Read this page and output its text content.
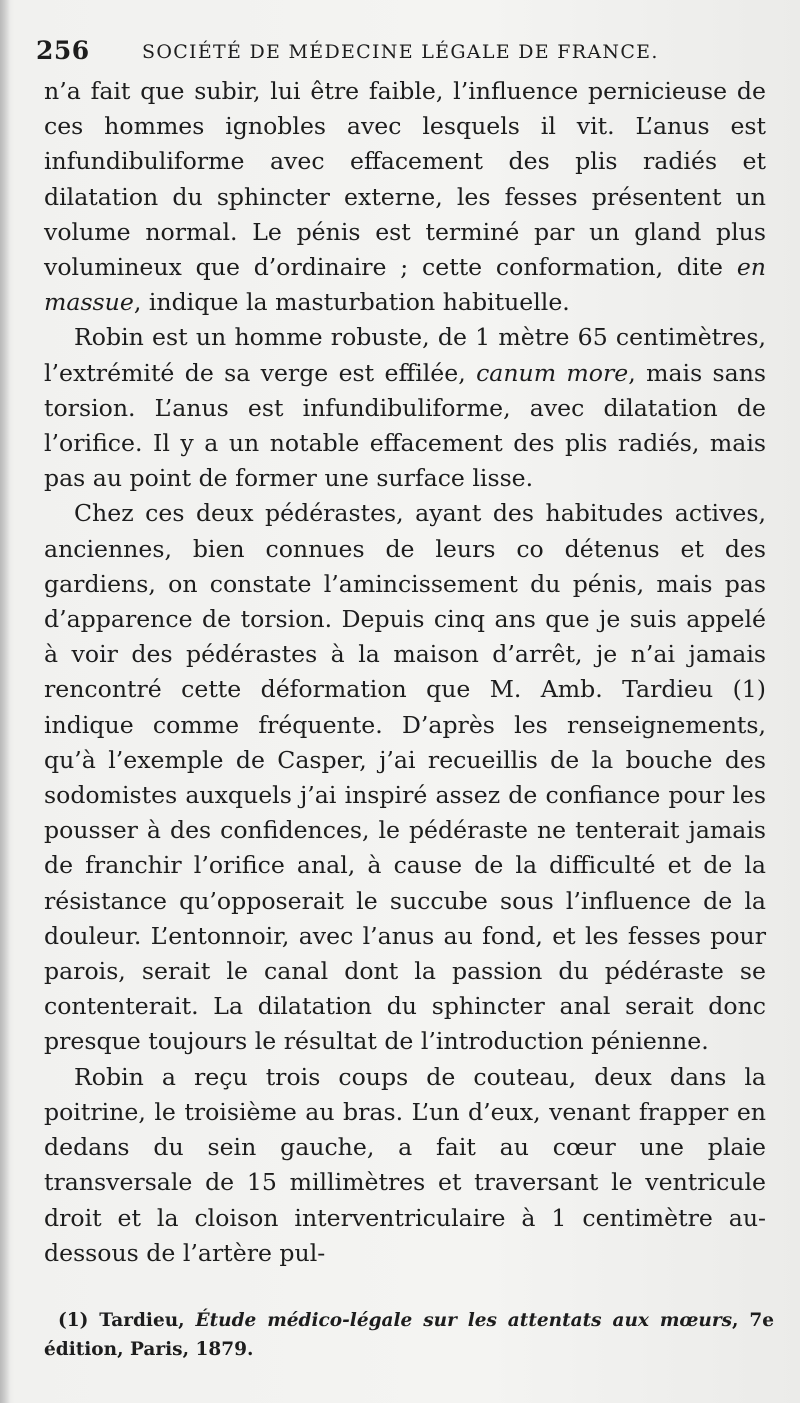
256	SOCIÉTÉ DE MÉDECINE LÉGALE DE FRANCE.

n’a fait que subir, lui être faible, l’influence pernicieuse de ces hommes ignobles avec lesquels il vit. L’anus est infundibuliforme avec effacement des plis radiés et dilatation du sphincter externe, les fesses présentent un volume normal. Le pénis est terminé par un gland plus volumineux que d’ordinaire ; cette conformation, dite en massue, indique la masturbation habituelle.

Robin est un homme robuste, de 1 mètre 65 centimètres, l’extrémité de sa verge est effilée, canum more, mais sans torsion. L’anus est infundibuliforme, avec dilatation de l’orifice. Il y a un notable effacement des plis radiés, mais pas au point de former une surface lisse.

Chez ces deux pédérastes, ayant des habitudes actives, anciennes, bien connues de leurs co détenus et des gardiens, on constate l’amincissement du pénis, mais pas d’apparence de torsion. Depuis cinq ans que je suis appelé à voir des pédérastes à la maison d’arrêt, je n’ai jamais rencontré cette déformation que M. Amb. Tardieu (1) indique comme fréquente. D’après les renseignements, qu’à l’exemple de Casper, j’ai recueillis de la bouche des sodomistes auxquels j’ai inspiré assez de confiance pour les pousser à des confidences, le pédéraste ne tenterait jamais de franchir l’orifice anal, à cause de la difficulté et de la résistance qu’opposerait le succube sous l’influence de la douleur. L’entonnoir, avec l’anus au fond, et les fesses pour parois, serait le canal dont la passion du pédéraste se contenterait. La dilatation du sphincter anal serait donc presque toujours le résultat de l’introduction pénienne.

Robin a reçu trois coups de couteau, deux dans la poitrine, le troisième au bras. L’un d’eux, venant frapper en dedans du sein gauche, a fait au cœur une plaie transversale de 15 millimètres et traversant le ventricule droit et la cloison interventriculaire à 1 centimètre au-dessous de l’artère pul-

(1) Tardieu, Étude médico-légale sur les attentats aux mœurs, 7e édition, Paris, 1879.
